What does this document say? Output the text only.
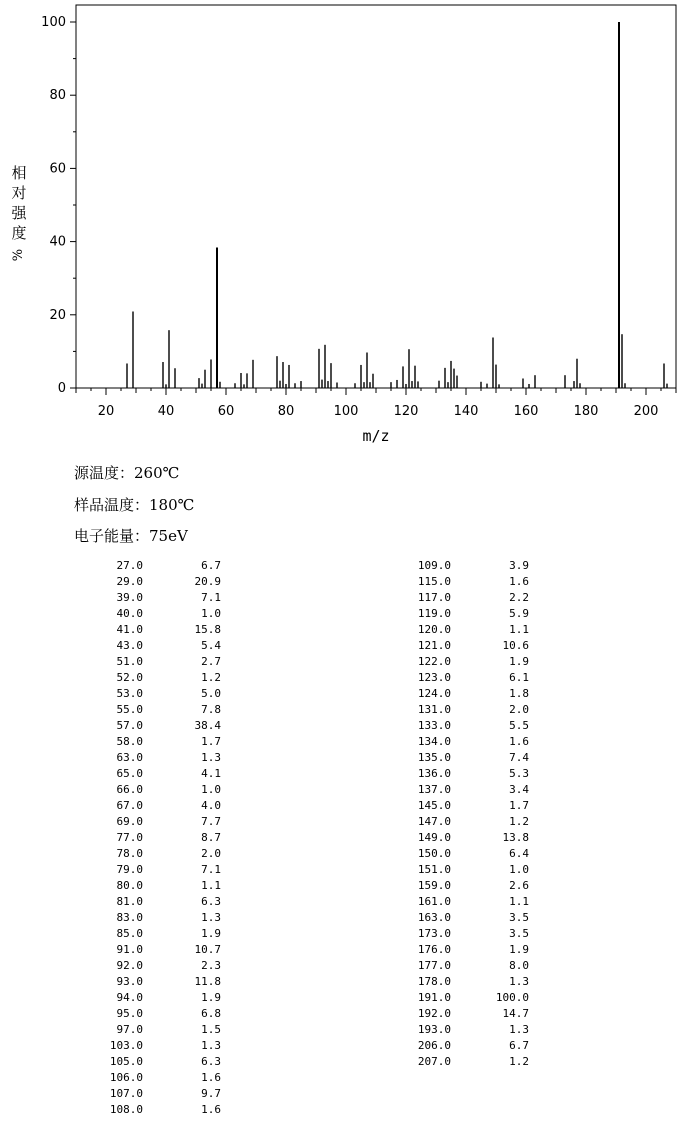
0
20
40
60
80
100
20	40	60	80	100	120	140	160	180	200
m/z
相
对
强
度
%
源温度：260℃
样品温度：180℃
电子能量：75eV
27.0	6.7
29.0	20.9
39.0	7.1
40.0	1.0
41.0	15.8
43.0	5.4
51.0	2.7
52.0	1.2
53.0	5.0
55.0	7.8
57.0	38.4
58.0	1.7
63.0	1.3
65.0	4.1
66.0	1.0
67.0	4.0
69.0	7.7
77.0	8.7
78.0	2.0
79.0	7.1
80.0	1.1
81.0	6.3
83.0	1.3
85.0	1.9
91.0	10.7
92.0	2.3
93.0	11.8
94.0	1.9
95.0	6.8
97.0	1.5
103.0	1.3
105.0	6.3
106.0	1.6
107.0	9.7
108.0	1.6
109.0	3.9
115.0	1.6
117.0	2.2
119.0	5.9
120.0	1.1
121.0	10.6
122.0	1.9
123.0	6.1
124.0	1.8
131.0	2.0
133.0	5.5
134.0	1.6
135.0	7.4
136.0	5.3
137.0	3.4
145.0	1.7
147.0	1.2
149.0	13.8
150.0	6.4
151.0	1.0
159.0	2.6
161.0	1.1
163.0	3.5
173.0	3.5
176.0	1.9
177.0	8.0
178.0	1.3
191.0	100.0
192.0	14.7
193.0	1.3
206.0	6.7
207.0	1.2
